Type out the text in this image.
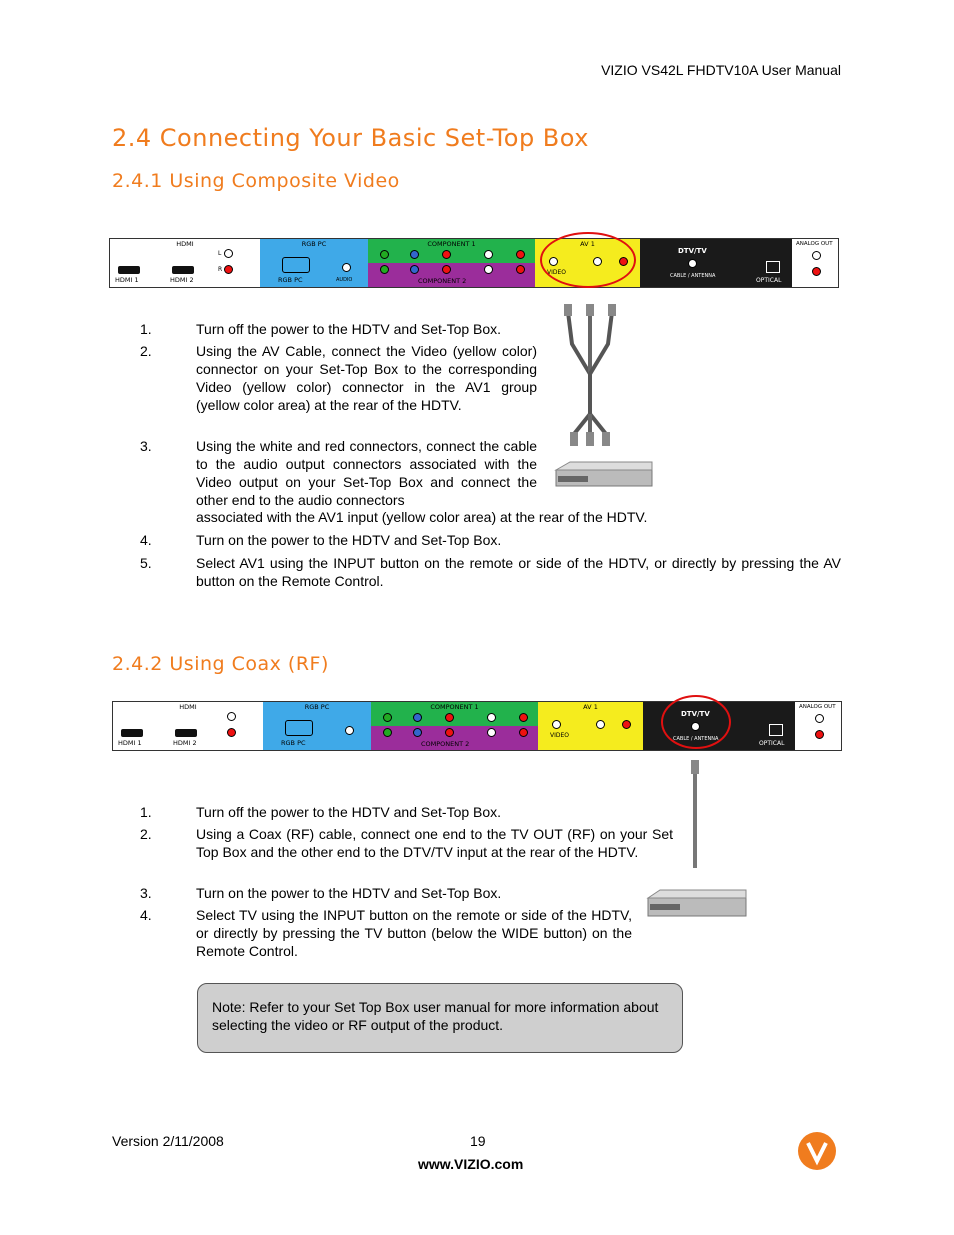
VIZIO VS42L FHDTV10A User Manual
2.4 Connecting Your Basic Set-Top Box
2.4.1 Using Composite Video
HDMI
HDMI 1	HDMI 2
L
R
RGB PC
RGB PC	AUDIO
COMPONENT 1
COMPONENT 2
AV 1
VIDEO
DTV/TV
CABLE / ANTENNA
OPTICAL
ANALOG OUT
1.	Turn off the power to the HDTV and Set-Top Box.
2.	Using the AV Cable, connect the Video (yellow color) connector on your Set-Top Box to the corresponding Video (yellow color) connector in the AV1 group (yellow color area) at the rear of the HDTV.
3.	Using the white and red connectors, connect the cable to the audio output connectors associated with the Video output on your Set-Top Box and connect the other end to the audio connectors
associated with the AV1 input (yellow color area) at the rear of the HDTV.
4.	Turn on the power to the HDTV and Set-Top Box.
5.	Select AV1 using the INPUT button on the remote or side of the HDTV, or directly by pressing the AV button on the Remote Control.
2.4.2 Using Coax (RF)
HDMI
HDMI 1	HDMI 2
RGB PC
RGB PC
COMPONENT 1
COMPONENT 2
AV 1
VIDEO
DTV/TV
CABLE / ANTENNA
OPTICAL
ANALOG OUT
1.	Turn off the power to the HDTV and Set-Top Box.
2.	Using a Coax (RF) cable, connect one end to the TV OUT (RF) on your Set Top Box and the other end to the DTV/TV input at the rear of the HDTV.
3.	Turn on the power to the HDTV and Set-Top Box.
4.	Select TV using the INPUT button on the remote or side of the HDTV, or directly by pressing the TV button (below the WIDE button) on the Remote Control.
Note: Refer to your Set Top Box user manual for more information about selecting the video or RF output of the product.
Version 2/11/2008	19
www.VIZIO.com
